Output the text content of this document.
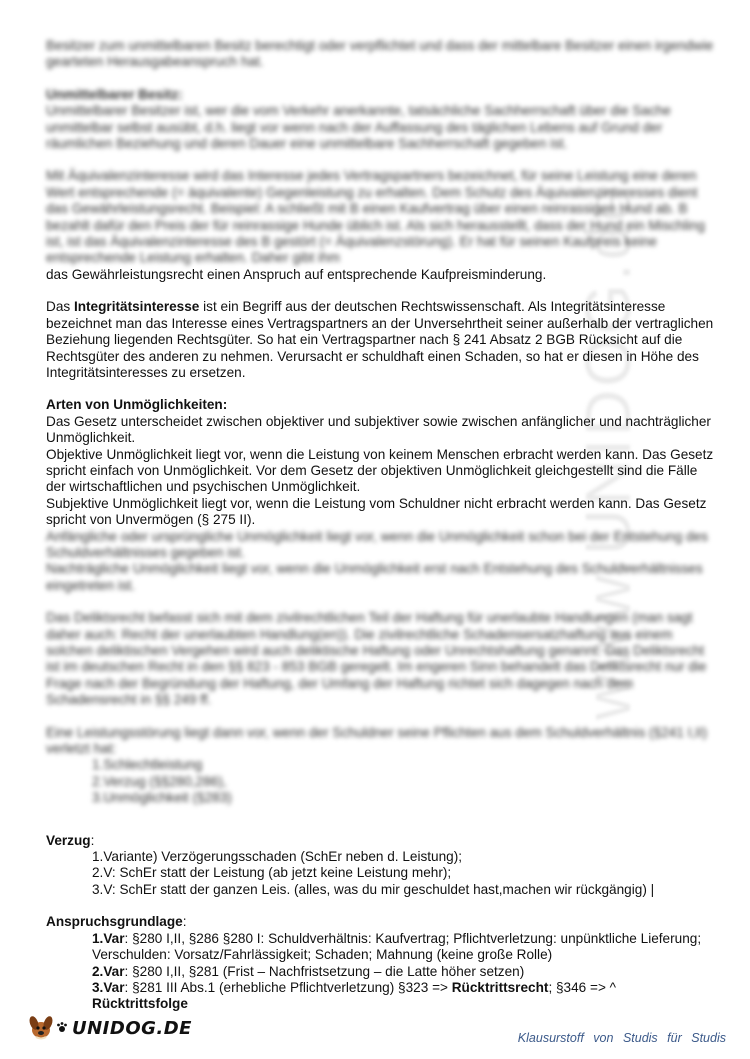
www.UNIDOG.de

Besitzer zum unmittelbaren Besitz berechtigt oder verpflichtet und dass der mittelbare Besitzer einen irgendwie gearteten Herausgabeanspruch hat.

Unmittelbarer Besitz:

Unmittelbarer Besitzer ist, wer die vom Verkehr anerkannte, tatsächliche Sachherrschaft über die Sache unmittelbar selbst ausübt, d.h. liegt vor wenn nach der Auffassung des täglichen Lebens auf Grund der räumlichen Beziehung und deren Dauer eine unmittelbare Sachherrschaft gegeben ist.

Mit Äquivalenzinteresse wird das Interesse jedes Vertragspartners bezeichnet, für seine Leistung eine deren Wert entsprechende (= äquivalente) Gegenleistung zu erhalten. Dem Schutz des Äquivalenzinteresses dient das Gewährleistungsrecht. Beispiel: A schließt mit B einen Kaufvertrag über einen reinrassigen Hund ab. B bezahlt dafür den Preis der für reinrassige Hunde üblich ist. Als sich herausstellt, dass der Hund ein Mischling ist, ist das Äquivalenzinteresse des B gestört (= Äquivalenzstörung). Er hat für seinen Kaufpreis keine entsprechende Leistung erhalten. Daher gibt ihm

das Gewährleistungsrecht einen Anspruch auf entsprechende Kaufpreisminderung.

Das Integritätsinteresse ist ein Begriff aus der deutschen Rechtswissenschaft. Als Integritätsinteresse bezeichnet man das Interesse eines Vertragspartners an der Unversehrtheit seiner außerhalb der vertraglichen Beziehung liegenden Rechtsgüter. So hat ein Vertragspartner nach § 241 Absatz 2 BGB Rücksicht auf die Rechtsgüter des anderen zu nehmen. Verursacht er schuldhaft einen Schaden, so hat er diesen in Höhe des Integritätsinteresses zu ersetzen.

Arten von Unmöglichkeiten:

Das Gesetz unterscheidet zwischen objektiver und subjektiver sowie zwischen anfänglicher und nachträglicher Unmöglichkeit.

Objektive Unmöglichkeit liegt vor, wenn die Leistung von keinem Menschen erbracht werden kann. Das Gesetz spricht einfach von Unmöglichkeit. Vor dem Gesetz der objektiven Unmöglichkeit gleichgestellt sind die Fälle der wirtschaftlichen und psychischen Unmöglichkeit.

Subjektive Unmöglichkeit liegt vor, wenn die Leistung vom Schuldner nicht erbracht werden kann. Das Gesetz spricht von Unvermögen (§ 275 II).

Anfängliche oder ursprüngliche Unmöglichkeit liegt vor, wenn die Unmöglichkeit schon bei der Entstehung des Schuldverhältnisses gegeben ist.

Nachträgliche Unmöglichkeit liegt vor, wenn die Unmöglichkeit erst nach Entstehung des Schuldverhältnisses eingetreten ist.

Das Deliktsrecht befasst sich mit dem zivilrechtlichen Teil der Haftung für unerlaubte Handlungen (man sagt daher auch: Recht der unerlaubten Handlung(en)). Die zivilrechtliche Schadensersatzhaftung aus einem solchen deliktischen Vergehen wird auch deliktische Haftung oder Unrechtshaftung genannt. Das Deliktsrecht ist im deutschen Recht in den §§ 823 - 853 BGB geregelt. Im engeren Sinn behandelt das Deliktsrecht nur die Frage nach der Begründung der Haftung, der Umfang der Haftung richtet sich dagegen nach dem Schadensrecht in §§ 249 ff.

Eine Leistungsstörung liegt dann vor, wenn der Schuldner seine Pflichten aus dem Schuldverhältnis (§241 I,II) verletzt hat:

1.Schlechtleistung

2.Verzug (§§280,286),

3.Unmöglichkeit (§283)

Verzug:

1.Variante) Verzögerungsschaden (SchEr neben d. Leistung);

2.V: SchEr statt der Leistung (ab jetzt keine Leistung mehr);

3.V: SchEr statt der ganzen Leis. (alles, was du mir geschuldet hast,machen wir rückgängig) |

Anspruchsgrundlage:

1.Var: §280 I,II, §286 §280 I: Schuldverhältnis: Kaufvertrag; Pflichtverletzung: unpünktliche Lieferung; Verschulden: Vorsatz/Fahrlässigkeit; Schaden; Mahnung (keine große Rolle)

2.Var: §280 I,II, §281 (Frist – Nachfristsetzung – die Latte höher setzen)

3.Var: §281 III Abs.1 (erhebliche Pflichtverletzung) §323 => Rücktrittsrecht; §346 => ^
Rücktrittsfolge

UNIDOG.DE	Klausurstoff von Studis für Studis
